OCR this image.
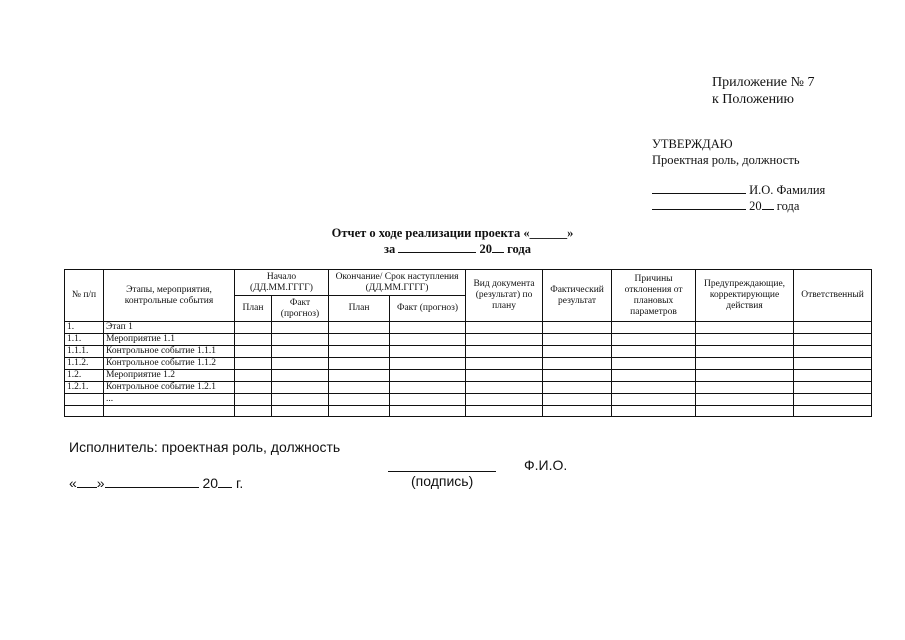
Приложение № 7
к Положению
УТВЕРЖДАЮ
Проектная роль, должность
И.О. Фамилия
20 года
Отчет о ходе реализации проекта «______»
за	20 года
№ п/п	Этапы, мероприятия, контрольные события	Начало (ДД.ММ.ГГГГ)		Окончание/ Срок наступления (ДД.ММ.ГГГГ)		Вид документа (результат) по плану	Фактический результат	Причины отклонения от плановых параметров	Предупреждающие, корректирующие действия	Ответственный
		План	Факт (прогноз)	План	Факт (прогноз)					
1.	Этап 1									
1.1.	Мероприятие 1.1									
1.1.1.	Контрольное событие 1.1.1									
1.1.2.	Контрольное событие 1.1.2									
1.2.	Мероприятие 1.2									
1.2.1.	Контрольное событие 1.2.1									
	...									

Исполнитель: проектная роль, должность
Ф.И.О.
(подпись)
« »	20 г.
